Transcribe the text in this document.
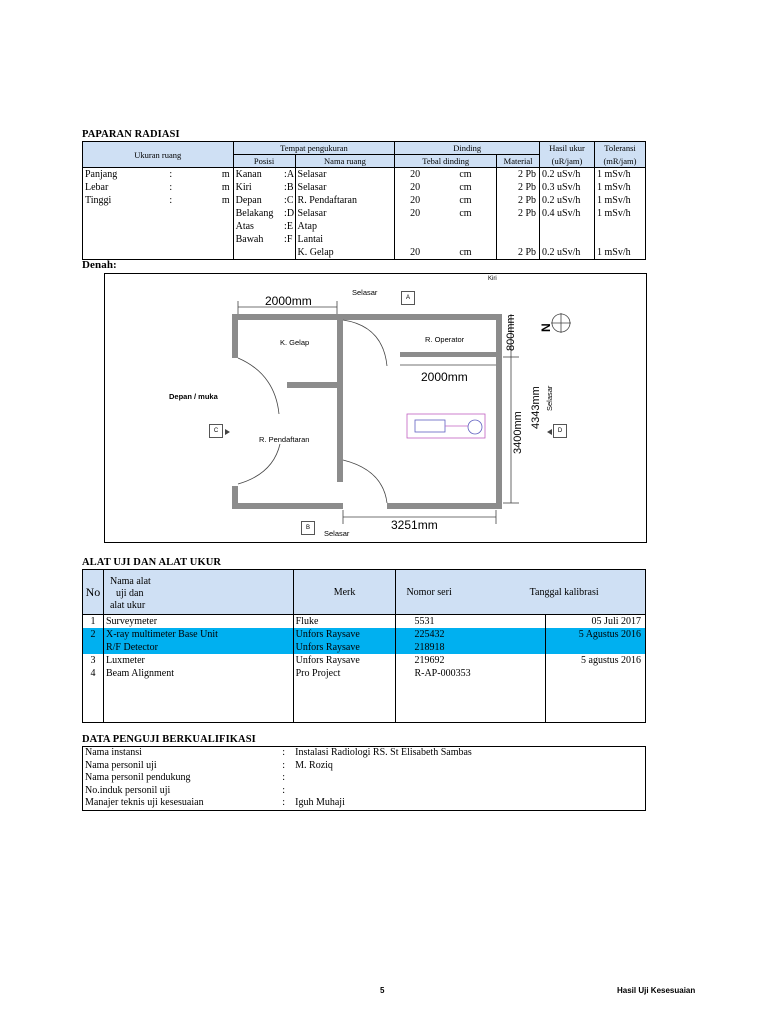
PAPARAN RADIASI
Ukuran ruang			Tempat pengukuran			Dinding			Hasil ukur	Toleransi
			Posisi		Nama ruang	Tebal dinding		Material	(uR/jam)	(mR/jam)
Panjang	:	m	Kanan	:A	Selasar	20	cm	2 Pb	0.2 uSv/h	1 mSv/h
Lebar	:	m	Kiri	:B	Selasar	20	cm	2 Pb	0.3 uSv/h	1 mSv/h
Tinggi	:	m	Depan	:C	R. Pendaftaran	20	cm	2 Pb	0.2 uSv/h	1 mSv/h
			Belakang	:D	Selasar	20	cm	2 Pb	0.4 uSv/h	1 mSv/h
			Atas	:E	Atap					
			Bawah	:F	Lantai					
					K. Gelap	20	cm	2 Pb	0.2 uSv/h	1 mSv/h
Denah:
Kiri
Selasar
A
2000mm
K. Gelap	R. Operator	800mm
2000mm
Depan / muka
C
R. Pendaftaran	3400mm
4343mm Selasar
D
B
Selasar
3251mm
N
ALAT UJI DAN ALAT UKUR
No	Nama alat
uji dan
alat ukur	Merk	Nomor seri	Tanggal kalibrasi
1	Surveymeter	Fluke	5531	05 Juli 2017
2	X-ray multimeter Base Unit	Unfors Raysave	225432	5 Agustus 2016
	R/F Detector	Unfors Raysave	218918	
3	Luxmeter	Unfors Raysave	219692	5 agustus 2016
4	Beam Alignment	Pro Project	R-AP-000353	

DATA PENGUJI BERKUALIFIKASI
Nama instansi	:	Instalasi Radiologi RS. St Elisabeth Sambas
Nama personil uji	:	M. Roziq
Nama personil pendukung	:	
No.induk personil uji	:	
Manajer teknis uji kesesuaian	:	Iguh Muhaji
5	Hasil Uji Kesesuaian
